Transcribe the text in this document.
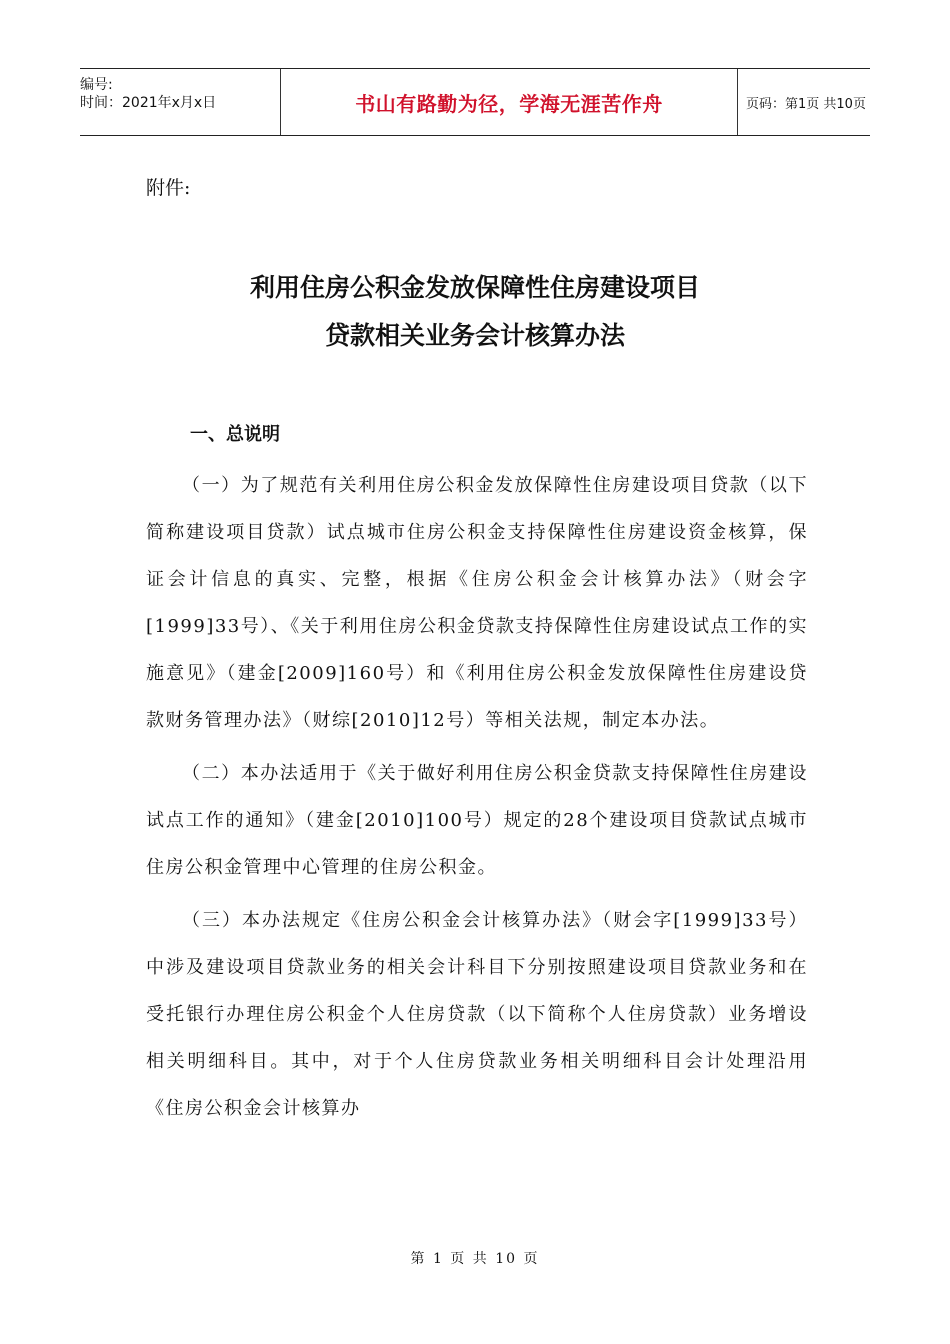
编号:
时间：2021年x月x日	书山有路勤为径，学海无涯苦作舟	页码：第1页 共10页
附件:
利用住房公积金发放保障性住房建设项目
贷款相关业务会计核算办法
一、总说明

（一）为了规范有关利用住房公积金发放保障性住房建设项目贷款（以下简称建设项目贷款）试点城市住房公积金支持保障性住房建设资金核算，保证会计信息的真实、完整，根据《住房公积金会计核算办法》（财会字[1999]33号）、《关于利用住房公积金贷款支持保障性住房建设试点工作的实施意见》（建金[2009]160号）和《利用住房公积金发放保障性住房建设贷款财务管理办法》（财综[2010]12号）等相关法规，制定本办法。

（二）本办法适用于《关于做好利用住房公积金贷款支持保障性住房建设试点工作的通知》（建金[2010]100号）规定的28个建设项目贷款试点城市住房公积金管理中心管理的住房公积金。

（三）本办法规定《住房公积金会计核算办法》（财会字[1999]33号）中涉及建设项目贷款业务的相关会计科目下分别按照建设项目贷款业务和在受托银行办理住房公积金个人住房贷款（以下简称个人住房贷款）业务增设相关明细科目。其中，对于个人住房贷款业务相关明细科目会计处理沿用《住房公积金会计核算办

第 1 页 共 10 页
